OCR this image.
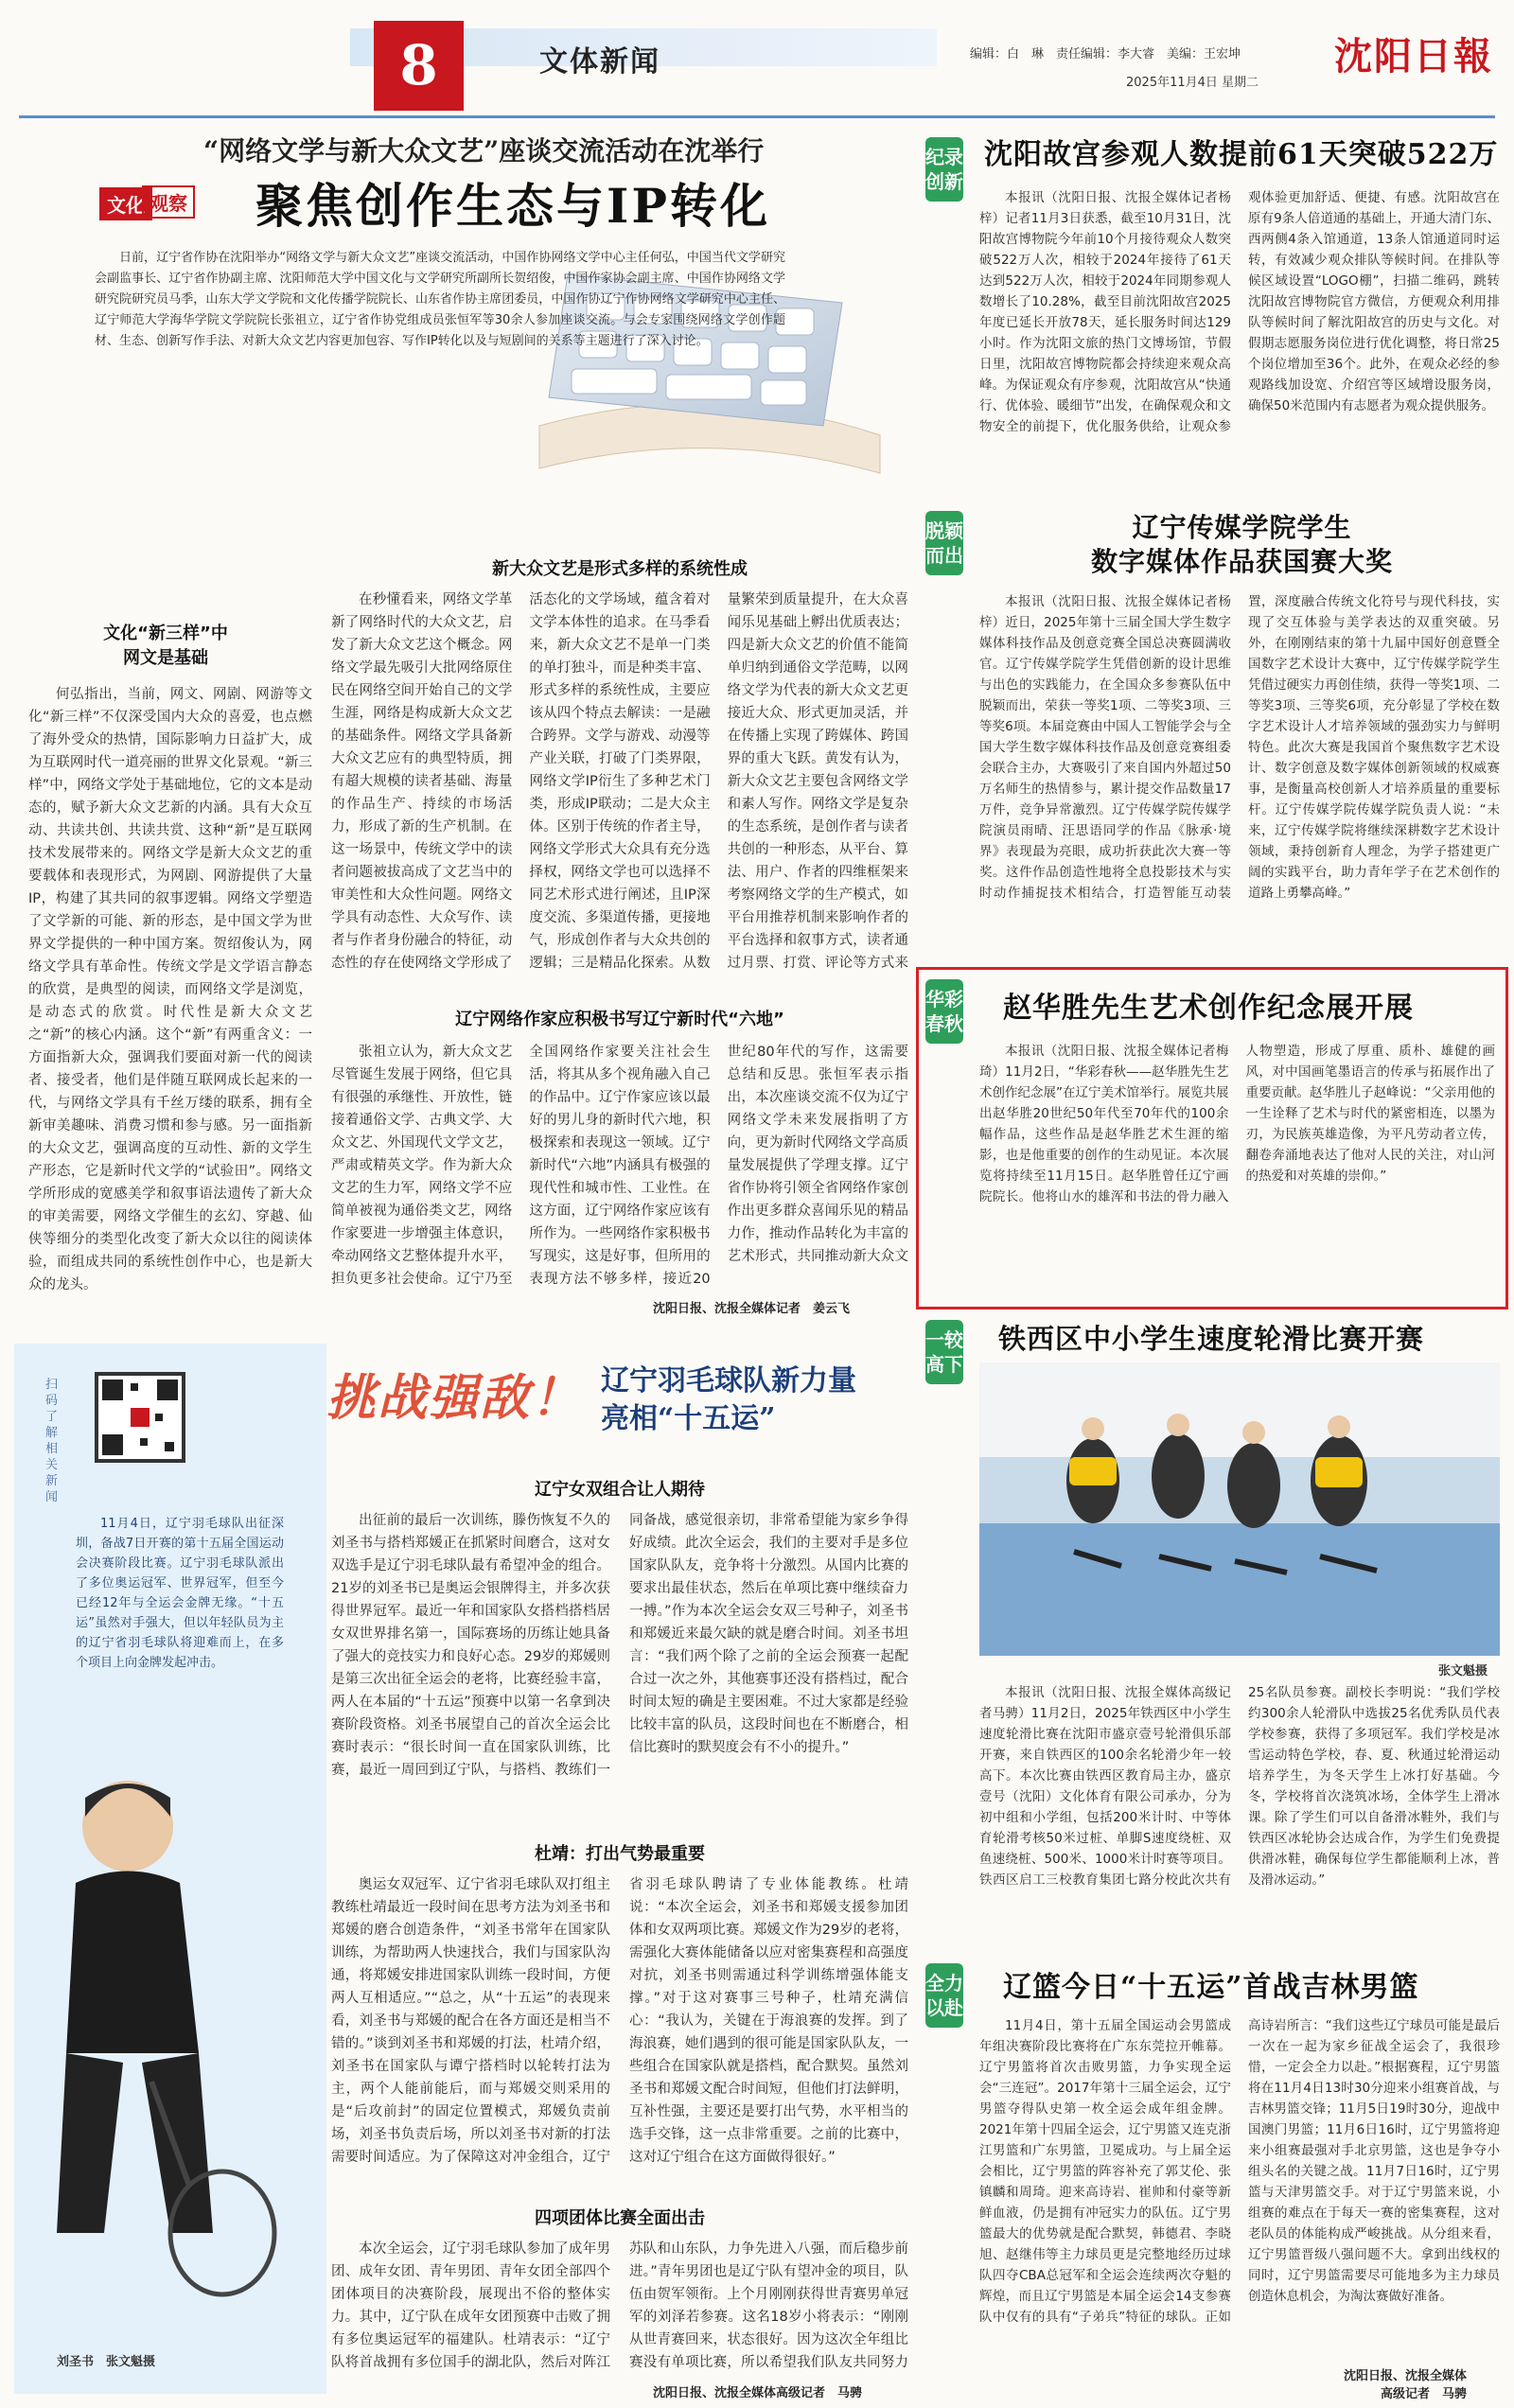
8	文体新闻	编辑：白　琳　责任编辑：李大睿　美编：王宏坤
2025年11月4日 星期二
沈阳日報
“网络文学与新大众文艺”座谈交流活动在沈举行
文化 观察 聚焦创作生态与IP转化

日前，辽宁省作协在沈阳举办“网络文学与新大众文艺”座谈交流活动，中国作协网络文学中心主任何弘，中国当代文学研究会副监事长、辽宁省作协副主席、沈阳师范大学中国文化与文学研究所副所长贺绍俊，中国作家协会副主席、中国作协网络文学研究院研究员马季，山东大学文学院和文化传播学院院长、山东省作协主席团委员，中国作协辽宁作协网络文学研究中心主任、辽宁师范大学海华学院文学院院长张祖立，辽宁省作协党组成员张恒军等30余人参加座谈交流。与会专家围绕网络文学创作题材、生态、创新写作手法、对新大众文艺内容更加包容、写作IP转化以及与短剧间的关系等主题进行了深入讨论。

文化“新三样”中
网文是基础

何弘指出，当前，网文、网剧、网游等文化“新三样”不仅深受国内大众的喜爱，也点燃了海外受众的热情，国际影响力日益扩大，成为互联网时代一道亮丽的世界文化景观。“新三样”中，网络文学处于基础地位，它的文本是动态的，赋予新大众文艺新的内涵。具有大众互动、共读共创、共读共赏、这种“新”是互联网技术发展带来的。网络文学是新大众文艺的重要载体和表现形式，为网剧、网游提供了大量IP，构建了其共同的叙事逻辑。网络文学塑造了文学新的可能、新的形态，是中国文学为世界文学提供的一种中国方案。贺绍俊认为，网络文学具有革命性。传统文学是文学语言静态的欣赏，是典型的阅读，而网络文学是浏览，是动态式的欣赏。时代性是新大众文艺之“新”的核心内涵。这个“新”有两重含义：一方面指新大众，强调我们要面对新一代的阅读者、接受者，他们是伴随互联网成长起来的一代，与网络文学具有千丝万缕的联系，拥有全新审美趣味、消费习惯和参与感。另一面指新的大众文艺，强调高度的互动性、新的文学生产形态，它是新时代文学的“试验田”。网络文学所形成的宽感美学和叙事语法遗传了新大众的审美需要，网络文学催生的玄幻、穿越、仙侠等细分的类型化改变了新大众以往的阅读体验，而组成共同的系统性创作中心，也是新大众的龙头。

新大众文艺是形式多样的系统性成

在秒懂看来，网络文学革新了网络时代的大众文艺，启发了新大众文艺这个概念。网络文学最先吸引大批网络原住民在网络空间开始自己的文学生涯，网络是构成新大众文艺的基础条件。网络文学具备新大众文艺应有的典型特质，拥有超大规模的读者基础、海量的作品生产、持续的市场活力，形成了新的生产机制。在这一场景中，传统文学中的读者问题被拔高成了文艺当中的审美性和大众性问题。网络文学具有动态性、大众写作、读者与作者身份融合的特征，动态性的存在使网络文学形成了活态化的文学场域，蕴含着对文学本体性的追求。在马季看来，新大众文艺不是单一门类的单打独斗，而是种类丰富、形式多样的系统性成，主要应该从四个特点去解读：一是融合跨界。文学与游戏、动漫等产业关联，打破了门类界限，网络文学IP衍生了多种艺术门类，形成IP联动；二是大众主体。区别于传统的作者主导，网络文学形式大众具有充分选择权，网络文学也可以选择不同艺术形式进行阐述，且IP深度交流、多渠道传播，更接地气，形成创作者与大众共创的逻辑；三是精品化探索。从数量繁荣到质量提升，在大众喜闻乐见基础上孵出优质表达；四是新大众文艺的价值不能简单归纳到通俗文学范畴，以网络文学为代表的新大众文艺更接近大众、形式更加灵活，并在传播上实现了跨媒体、跨国界的重大飞跃。黄发有认为，新大众文艺主要包含网络文学和素人写作。网络文学是复杂的生态系统，是创作者与读者共创的一种形态，从平台、算法、用户、作者的四维框架来考察网络文学的生产模式，如平台用推荐机制来影响作者的平台选择和叙事方式，读者通过月票、打赏、评论等方式来

辽宁网络作家应积极书写辽宁新时代“六地”

张祖立认为，新大众文艺尽管诞生发展于网络，但它具有很强的承继性、开放性，链接着通俗文学、古典文学、大众文艺、外国现代文学文艺，严肃或精英文学。作为新大众文艺的生力军，网络文学不应简单被视为通俗类文艺，网络作家要进一步增强主体意识，牵动网络文艺整体提升水平，担负更多社会使命。辽宁乃至全国网络作家要关注社会生活，将其从多个视角融入自己的作品中。辽宁作家应该以最好的男儿身的新时代六地，积极探索和表现这一领域。辽宁新时代“六地”内涵具有极强的现代性和城市性、工业性。在这方面，辽宁网络作家应该有所作为。一些网络作家积极书写现实，这是好事，但所用的表现方法不够多样，接近20世纪80年代的写作，这需要总结和反思。张恒军表示指出，本次座谈交流不仅为辽宁网络文学未来发展指明了方向，更为新时代网络文学高质量发展提供了学理支撑。辽宁省作协将引领全省网络作家创作出更多群众喜闻乐见的精品力作，推动作品转化为丰富的艺术形式，共同推动新大众文

沈阳日报、沈报全媒体记者　姜云飞
扫码了解相关新闻

11月4日，辽宁羽毛球队出征深圳，备战7日开赛的第十五届全国运动会决赛阶段比赛。辽宁羽毛球队派出了多位奥运冠军、世界冠军，但至今已经12年与全运会金牌无缘。“十五运”虽然对手强大，但以年轻队员为主的辽宁省羽毛球队将迎难而上，在多个项目上向金牌发起冲击。

刘圣书　张文魁摄
挑战强敌！ 辽宁羽毛球队新力量
亮相“十五运”
辽宁女双组合让人期待

出征前的最后一次训练，滕伤恢复不久的刘圣书与搭档郑媛正在抓紧时间磨合，这对女双选手是辽宁羽毛球队最有希望冲金的组合。21岁的刘圣书已是奥运会银牌得主，并多次获得世界冠军。最近一年和国家队女搭档搭档居女双世界排名第一，国际赛场的历练让她具备了强大的竞技实力和良好心态。29岁的郑媛则是第三次出征全运会的老将，比赛经验丰富，两人在本届的“十五运”预赛中以第一名拿到决赛阶段资格。刘圣书展望自己的首次全运会比赛时表示：“很长时间一直在国家队训练，比赛，最近一周回到辽宁队，与搭档、教练们一同备战，感觉很亲切，非常希望能为家乡争得好成绩。此次全运会，我们的主要对手是多位国家队队友，竞争将十分激烈。从国内比赛的要求出最佳状态，然后在单项比赛中继续奋力一搏。”作为本次全运会女双三号种子，刘圣书和郑媛近来最欠缺的就是磨合时间。刘圣书坦言：“我们两个除了之前的全运会预赛一起配合过一次之外，其他赛事还没有搭档过，配合时间太短的确是主要困难。不过大家都是经验比较丰富的队员，这段时间也在不断磨合，相信比赛时的默契度会有不小的提升。”

杜靖：打出气势最重要

奥运女双冠军、辽宁省羽毛球队双打组主教练杜靖最近一段时间在思考方法为刘圣书和郑媛的磨合创造条件，“刘圣书常年在国家队训练，为帮助两人快速找合，我们与国家队沟通，将郑媛安排进国家队训练一段时间，方便两人互相适应。”“总之，从“十五运”的表现来看，刘圣书与郑媛的配合在各方面还是相当不错的。”谈到刘圣书和郑媛的打法，杜靖介绍，刘圣书在国家队与谭宁搭档时以轮转打法为主，两个人能前能后，而与郑媛交则采用的是“后攻前封”的固定位置模式，郑媛负责前场，刘圣书负责后场，所以刘圣书对新的打法需要时间适应。为了保障这对冲金组合，辽宁省羽毛球队聘请了专业体能教练。杜靖说：“本次全运会，刘圣书和郑媛支援参加团体和女双两项比赛。郑媛文作为29岁的老将，需强化大赛体能储备以应对密集赛程和高强度对抗，刘圣书则需通过科学训练增强体能支撑。”对于这对赛事三号种子，杜靖充满信心：“我认为，关键在于海浪赛的发挥。到了海浪赛，她们遇到的很可能是国家队队友，一些组合在国家队就是搭档，配合默契。虽然刘圣书和郑媛文配合时间短，但他们打法鲜明，互补性强，主要还是要打出气势，水平相当的选手交锋，这一点非常重要。之前的比赛中，这对辽宁组合在这方面做得很好。”

四项团体比赛全面出击

本次全运会，辽宁羽毛球队参加了成年男团、成年女团、青年男团、青年女团全部四个团体项目的决赛阶段，展现出不俗的整体实力。其中，辽宁队在成年女团预赛中击败了拥有多位奥运冠军的福建队。杜靖表示：“辽宁队将首战拥有多位国手的湖北队，然后对阵江苏队和山东队，力争先进入八强，而后稳步前进。”青年男团也是辽宁队有望冲金的项目，队伍由贺军领衔。上个月刚刚获得世青赛男单冠军的刘泽若参赛。这名18岁小将表示：“刚刚从世青赛回来，状态很好。因为这次全年组比赛没有单项比赛，所以希望我们队友共同努力

沈阳日报、沈报全媒体高级记者　马骋
纪录创新
沈阳故宫参观人数提前61天突破522万

本报讯（沈阳日报、沈报全媒体记者杨 梓）记者11月3日获悉，截至10月31日，沈阳故宫博物院今年前10个月接待观众人数突破522万人次，相较于2024年接待了61天达到522万人次，相较于2024年同期参观人数增长了10.28%，截至目前沈阳故宫2025年度已延长开放78天，延长服务时间达129小时。作为沈阳文旅的热门文博场馆，节假日里，沈阳故宫博物院都会持续迎来观众高峰。为保证观众有序参观，沈阳故宫从“快通行、优体验、暖细节”出发，在确保观众和文物安全的前提下，优化服务供给，让观众参观体验更加舒适、便捷、有感。沈阳故宫在原有9条人倍道通的基础上，开通大清门东、西两侧4条入馆通道，13条人馆通道同时运转，有效减少观众排队等候时间。在排队等候区域设置“LOGO棚”，扫描二维码，跳转沈阳故宫博物院官方微信，方便观众利用排队等候时间了解沈阳故宫的历史与文化。对假期志愿服务岗位进行优化调整，将日常25个岗位增加至36个。此外，在观众必经的参观路线加设宽、介绍宫等区域增设服务岗，确保50米范围内有志愿者为观众提供服务。

脱颖而出
辽宁传媒学院学生
数字媒体作品获国赛大奖

本报讯（沈阳日报、沈报全媒体记者杨 梓）近日，2025年第十三届全国大学生数字媒体科技作品及创意竞赛全国总决赛圆满收官。辽宁传媒学院学生凭借创新的设计思维与出色的实践能力，在全国众多参赛队伍中脱颖而出，荣获一等奖1项、二等奖3项、三等奖6项。本届竞赛由中国人工智能学会与全国大学生数字媒体科技作品及创意竞赛组委会联合主办，大赛吸引了来自国内外超过50万名师生的热情参与，累计提交作品数量17万件，竞争异常激烈。辽宁传媒学院传媒学院演员雨晴、汪思语同学的作品《脉承·境界》表现最为亮眼，成功折获此次大赛一等奖。这件作品创造性地将全息投影技术与实时动作捕捉技术相结合，打造智能互动装置，深度融合传统文化符号与现代科技，实现了交互体验与美学表达的双重突破。另外，在刚刚结束的第十九届中国好创意暨全国数字艺术设计大赛中，辽宁传媒学院学生凭借过硬实力再创佳绩，获得一等奖1项、二等奖3项、三等奖6项，充分彰显了学校在数字艺术设计人才培养领域的强劲实力与鲜明特色。此次大赛是我国首个聚焦数字艺术设计、数字创意及数字媒体创新领域的权威赛事，是衡量高校创新人才培养质量的重要标杆。辽宁传媒学院传媒学院负责人说：“未来，辽宁传媒学院将继续深耕数字艺术设计领域，秉持创新育人理念，为学子搭建更广阔的实践平台，助力青年学子在艺术创作的道路上勇攀高峰。”

华彩春秋 赵华胜先生艺术创作纪念展开展

本报讯（沈阳日报、沈报全媒体记者梅 琦）11月2日，“华彩春秋——赵华胜先生艺术创作纪念展”在辽宁美术馆举行。展览共展出赵华胜20世纪50年代至70年代的100余幅作品，这些作品是赵华胜艺术生涯的缩影，也是他重要的创作的生动见证。本次展览将持续至11月15日。赵华胜曾任辽宁画院院长。他将山水的雄浑和书法的骨力融入人物塑造，形成了厚重、质朴、雄健的画风，对中国画笔墨语言的传承与拓展作出了重要贡献。赵华胜儿子赵峰说：“父亲用他的一生诠释了艺术与时代的紧密相连，以墨为刃，为民族英雄造像，为平凡劳动者立传，翻卷奔涌地表达了他对人民的关注，对山河的热爱和对英雄的崇仰。”

一较高下
铁西区中小学生速度轮滑比赛开赛
张文魁摄

本报讯（沈阳日报、沈报全媒体高级记者马骋）11月2日，2025年铁西区中小学生速度轮滑比赛在沈阳市盛京壹号轮滑俱乐部开赛，来自铁西区的100余名轮滑少年一较高下。本次比赛由铁西区教育局主办，盛京壹号（沈阳）文化体育有限公司承办，分为初中组和小学组，包括200米计时、中等体育轮滑考核50米过桩、单脚S速度绕桩、双鱼速绕桩、500米、1000米计时赛等项目。铁西区启工三校教育集团七路分校此次共有25名队员参赛。副校长李明说：“我们学校约300余人轮滑队中选拔25名优秀队员代表学校参赛，获得了多项冠军。我们学校是冰雪运动特色学校，春、夏、秋通过轮滑运动培养学生，为冬天学生上冰打好基础。今冬，学校将首次浇筑冰场，全体学生上滑冰课。除了学生们可以自备滑冰鞋外，我们与铁西区冰轮协会达成合作，为学生们免费提供滑冰鞋，确保每位学生都能顺利上冰，普及滑冰运动。”

全力以赴
辽篮今日“十五运”首战吉林男篮

11月4日，第十五届全国运动会男篮成年组决赛阶段比赛将在广东东莞拉开帷幕。辽宁男篮将首次击败男篮，力争实现全运会“三连冠”。2017年第十三届全运会，辽宁男篮夺得队史第一枚全运会成年组金牌。2021年第十四届全运会，辽宁男篮又连克浙江男篮和广东男篮，卫冕成功。与上届全运会相比，辽宁男篮的阵容补充了郭艾伦、张镇麟和周琦。迎来高诗岩、崔帅和付豪等新鲜血液，仍是拥有冲冠实力的队伍。辽宁男篮最大的优势就是配合默契，韩德君、李晓旭、赵继伟等主力球员更是完整地经历过球队四夺CBA总冠军和全运会连续两次夺魁的辉煌，而且辽宁男篮是本届全运会14支参赛队中仅有的具有“子弟兵”特征的球队。正如高诗岩所言：“我们这些辽宁球员可能是最后一次在一起为家乡征战全运会了，我很珍惜，一定会全力以赴。”根据赛程，辽宁男篮将在11月4日13时30分迎来小组赛首战，与吉林男篮交锋；11月5日19时30分，迎战中国澳门男篮；11月6日16时，辽宁男篮将迎来小组赛最强对手北京男篮，这也是争夺小组头名的关键之战。11月7日16时，辽宁男篮与天津男篮交手。对于辽宁男篮来说，小组赛的难点在于每天一赛的密集赛程，这对老队员的体能构成严峻挑战。从分组来看，辽宁男篮晋级八强问题不大。拿到出线权的同时，辽宁男篮需要尽可能地多为主力球员创造休息机会，为淘汰赛做好准备。

沈阳日报、沈报全媒体
高级记者　马骋
